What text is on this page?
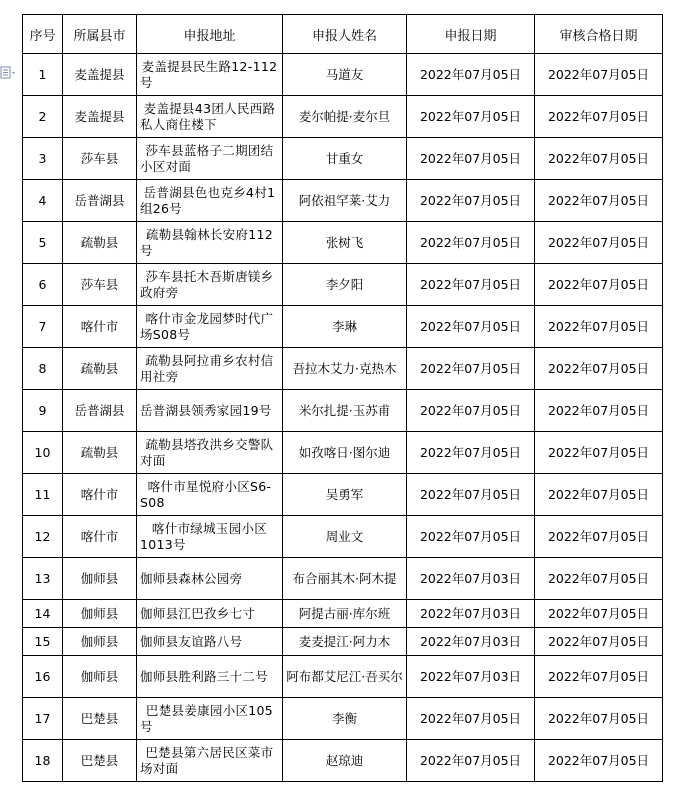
序号	所属县市	申报地址	申报人姓名	申报日期	审核合格日期
1	麦盖提县	麦盖提县民生路12-112号	马道友	2022年07月05日	2022年07月05日
2	麦盖提县	麦盖提县43团人民西路私人商住楼下	麦尔帕提·麦尔旦	2022年07月05日	2022年07月05日
3	莎车县	莎车县蓝格子二期团结小区对面	甘重女	2022年07月05日	2022年07月05日
4	岳普湖县	岳普湖县色也克乡4村1组26号	阿依祖罕莱·艾力	2022年07月05日	2022年07月05日
5	疏勒县	疏勒县翰林长安府112号	张树飞	2022年07月05日	2022年07月05日
6	莎车县	莎车县托木吾斯唐镁乡政府旁	李夕阳	2022年07月05日	2022年07月05日
7	喀什市	喀什市金龙园梦时代广场S08号	李琳	2022年07月05日	2022年07月05日
8	疏勒县	疏勒县阿拉甫乡农村信用社旁	吾拉木艾力·克热木	2022年07月05日	2022年07月05日
9	岳普湖县	岳普湖县领秀家园19号	米尔扎提·玉苏甫	2022年07月05日	2022年07月05日
10	疏勒县	疏勒县塔孜洪乡交警队对面	如孜喀日·图尔迪	2022年07月05日	2022年07月05日
11	喀什市	喀什市星悦府小区S6-S08	吴勇军	2022年07月05日	2022年07月05日
12	喀什市	喀什市绿城玉园小区1013号	周业文	2022年07月05日	2022年07月05日
13	伽师县	伽师县森林公园旁	布合丽其木·阿木提	2022年07月03日	2022年07月05日
14	伽师县	伽师县江巴孜乡七寸	阿提古丽·库尔班	2022年07月03日	2022年07月05日
15	伽师县	伽师县友谊路八号	麦麦提江·阿力木	2022年07月03日	2022年07月05日
16	伽师县	伽师县胜利路三十二号	阿布都艾尼江·吾买尔	2022年07月03日	2022年07月05日
17	巴楚县	巴楚县姜康园小区105号	李衡	2022年07月05日	2022年07月05日
18	巴楚县	巴楚县第六居民区菜市场对面	赵琼迪	2022年07月05日	2022年07月05日
